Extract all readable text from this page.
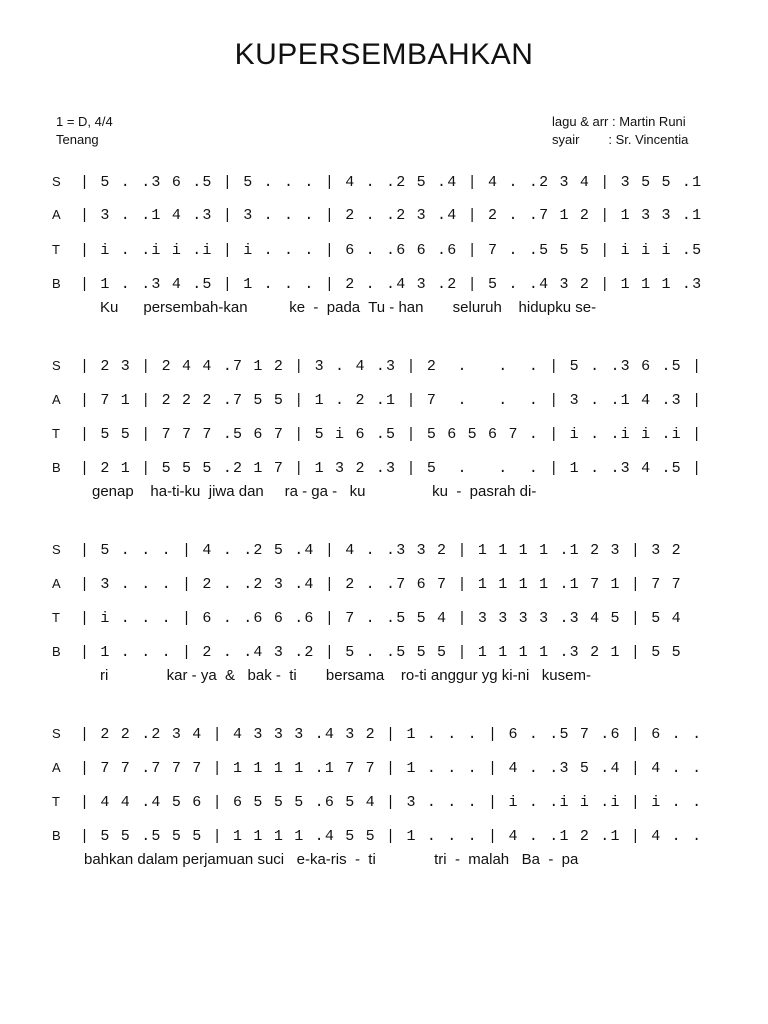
KUPERSEMBAHKAN
1 = D, 4/4
Tenang
lagu & arr : Martin Runi
syair        : Sr. Vincentia
S | 5 . .3 6 .5 | 5 . . . | 4 . .2 5 .4 | 4 . .2 3 4 | 3 5 5 .1
A | 3 . .1 4 .3 | 3 . . . | 2 . .2 3 .4 | 2 . .7 1 2 | 1 3 3 .1
T | i . .i i .i | i . . . | 6 . .6 6 .6 | 7 . .5 5 5 | i i i .5
B | 1 . .3 4 .5 | 1 . . . | 2 . .4 3 .2 | 5 . .4 3 2 | 1 1 1 .3
Ku      persembah-kan          ke  -  pada  Tu - han       seluruh    hidupku se-
S | 2 3 | 2 4 4 .7 1 2 | 3 . 4 .3 | 2  .   .  . | 5 . .3 6 .5 |
A | 7 1 | 2 2 2 .7 5 5 | 1 . 2 .1 | 7  .   .  . | 3 . .1 4 .3 |
T | 5 5 | 7 7 7 .5 6 7 | 5 i 6 .5 | 5 6 5 6 7 . | i . .i i .i |
B | 2 1 | 5 5 5 .2 1 7 | 1 3 2 .3 | 5  .   .  . | 1 . .3 4 .5 |
genap    ha-ti-ku  jiwa dan     ra - ga -   ku                ku  -  pasrah di-
S | 5 . . . | 4 . .2 5 .4 | 4 . .3 3 2 | 1 1 1 1 .1 2 3 | 3 2
A | 3 . . . | 2 . .2 3 .4 | 2 . .7 6 7 | 1 1 1 1 .1 7 1 | 7 7
T | i . . . | 6 . .6 6 .6 | 7 . .5 5 4 | 3 3 3 3 .3 4 5 | 5 4
B | 1 . . . | 2 . .4 3 .2 | 5 . .5 5 5 | 1 1 1 1 .3 2 1 | 5 5
ri              kar - ya  &   bak -  ti       bersama    ro-ti anggur yg ki-ni   kusem-
S | 2 2 .2 3 4 | 4 3 3 3 .4 3 2 | 1 . . . | 6 . .5 7 .6 | 6 . .
A | 7 7 .7 7 7 | 1 1 1 1 .1 7 7 | 1 . . . | 4 . .3 5 .4 | 4 . .
T | 4 4 .4 5 6 | 6 5 5 5 .6 5 4 | 3 . . . | i . .i i .i | i . .
B | 5 5 .5 5 5 | 1 1 1 1 .4 5 5 | 1 . . . | 4 . .1 2 .1 | 4 . .
bahkan dalam perjamuan suci   e-ka-ris  -  ti              tri  -  malah   Ba  -  pa
